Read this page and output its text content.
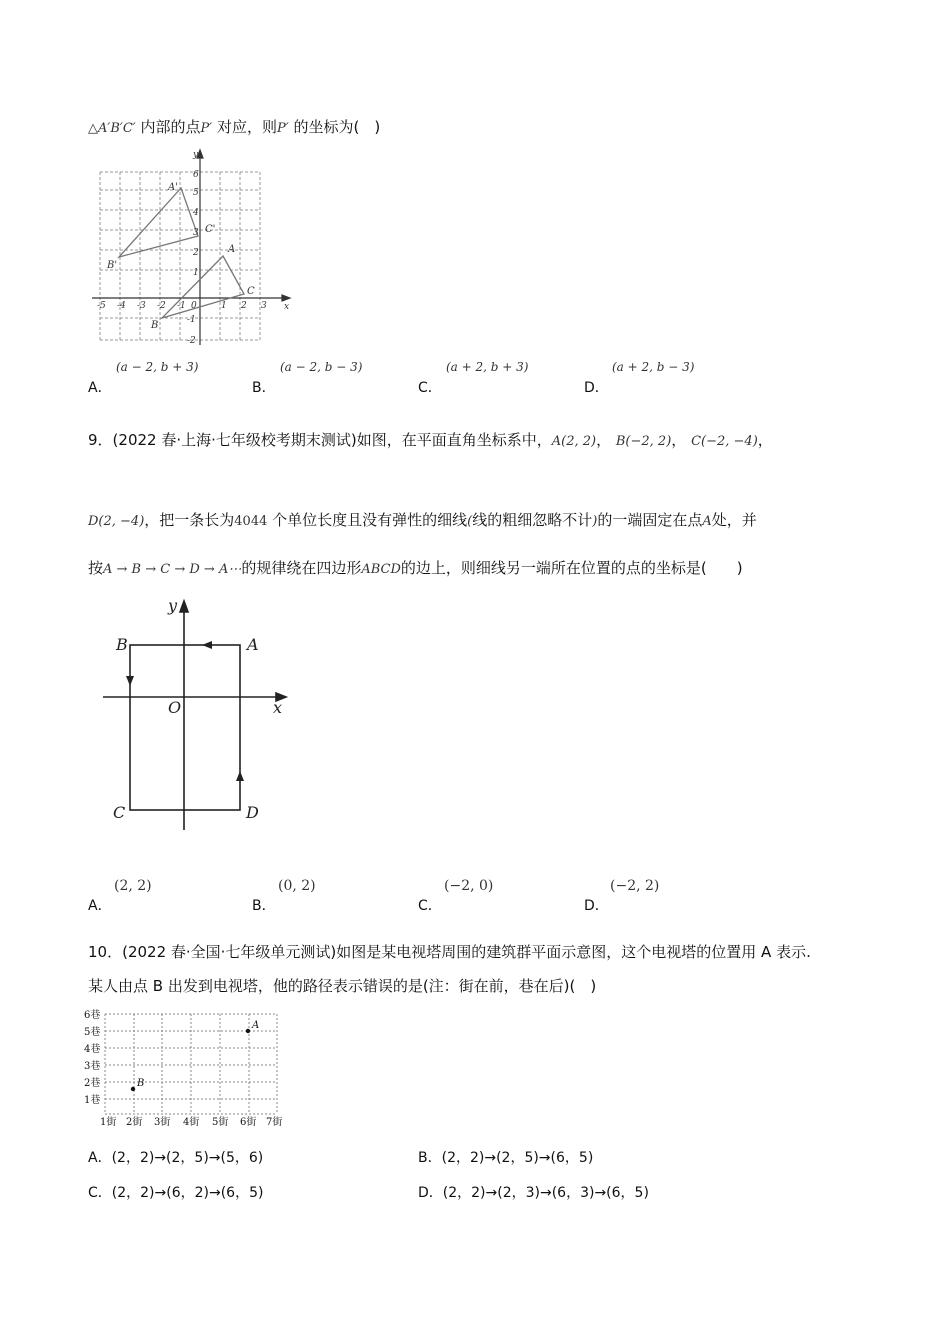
△A′B′C′ 内部的点P′ 对应，则P′ 的坐标为(　)
-5 -4 -3 -2 -1 0	1 2 3
6
5
4
3
2
1
-1
-2
x
y
A'
B'
C'
A
B
C
(a − 2, b + 3)
A．
(a − 2, b − 3)
B．
(a + 2, b + 3)
C．
(a + 2, b − 3)
D．
9．(2022 春·上海·七年级校考期末测试)如图，在平面直角坐标系中，A(2, 2)， B(−2, 2)， C(−2, −4)，
D(2, −4)，把一条长为4044 个单位长度且没有弹性的细线(线的粗细忽略不计)的一端固定在点A处，并
按A → B → C → D → A⋯的规律绕在四边形ABCD的边上，则细线另一端所在位置的点的坐标是(　　)
A
B
C	D
O	x
y
(2, 2)
A．
(0, 2)
B．
(−2, 0)
C．
(−2, 2)
D．
10．(2022 春·全国·七年级单元测试)如图是某电视塔周围的建筑群平面示意图，这个电视塔的位置用 A 表示.
某人由点 B 出发到电视塔，他的路径表示错误的是(注：街在前，巷在后)(　)
A
B
6巷
5巷
4巷
3巷
2巷
1巷
1街 2街 3街 4街 5街 6街 7街
A．(2，2)→(2，5)→(5，6)	B．(2，2)→(2，5)→(6，5)
C．(2，2)→(6，2)→(6，5)	D．(2，2)→(2，3)→(6，3)→(6，5)
